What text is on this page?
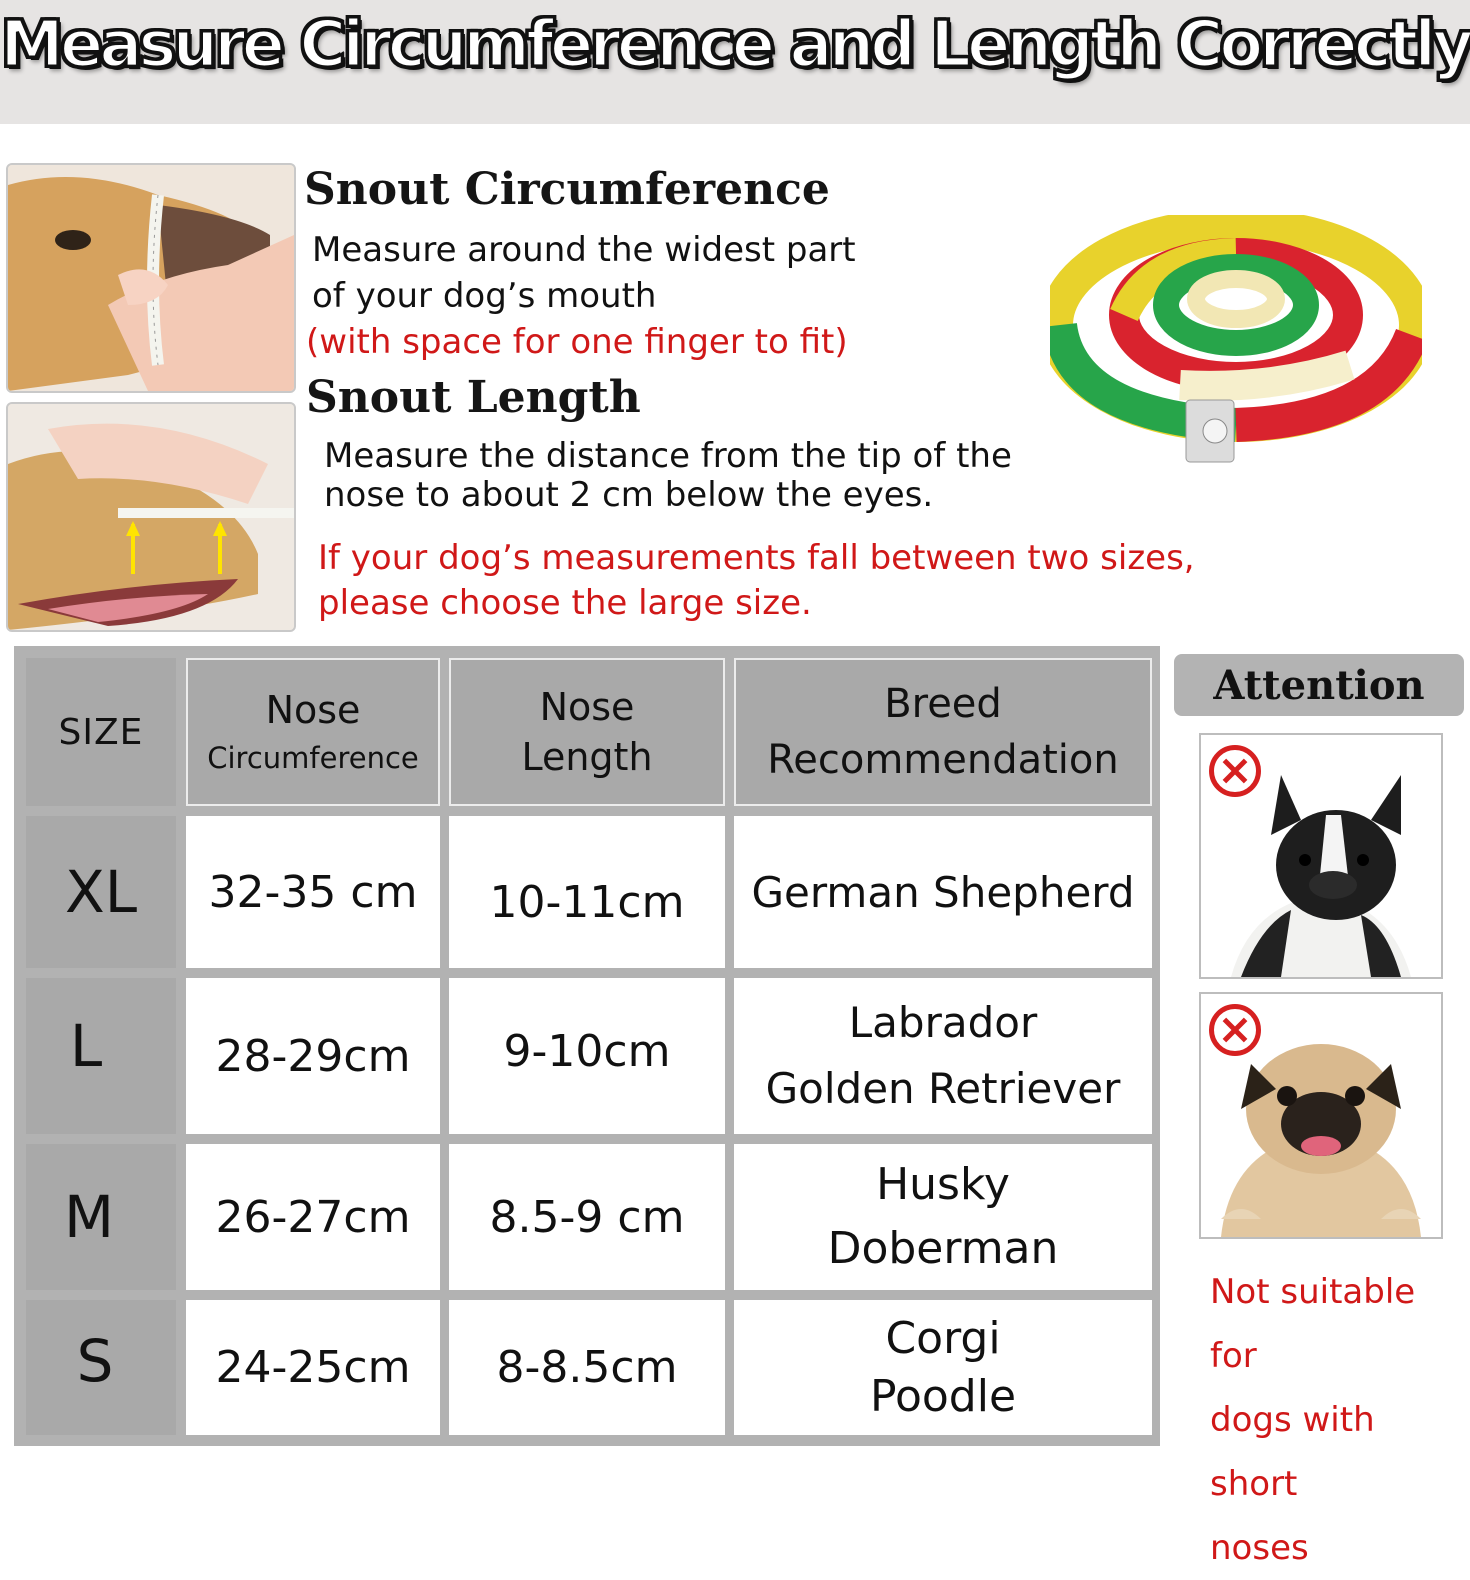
Measure Circumference and Length Correctly
Snout Circumference
Measure around the widest part
of your dog’s mouth
(with space for one finger to fit)
Snout Length
Measure the distance from the tip of the
nose to about 2 cm below the eyes.
If your dog’s measurements fall between two sizes,
please choose the large size.
SIZE	Nose
Circumference
Nose
Length
Breed
Recommendation
XL 32-35 cm 10-11cm German Shepherd
L	28-29cm 9-10cm
Labrador
Golden Retriever
M 26-27cm 8.5-9 cm
Husky
Doberman
S 24-25cm 8-8.5cm
Corgi
Poodle
Attention
Not suitable for
dogs with short
noses
